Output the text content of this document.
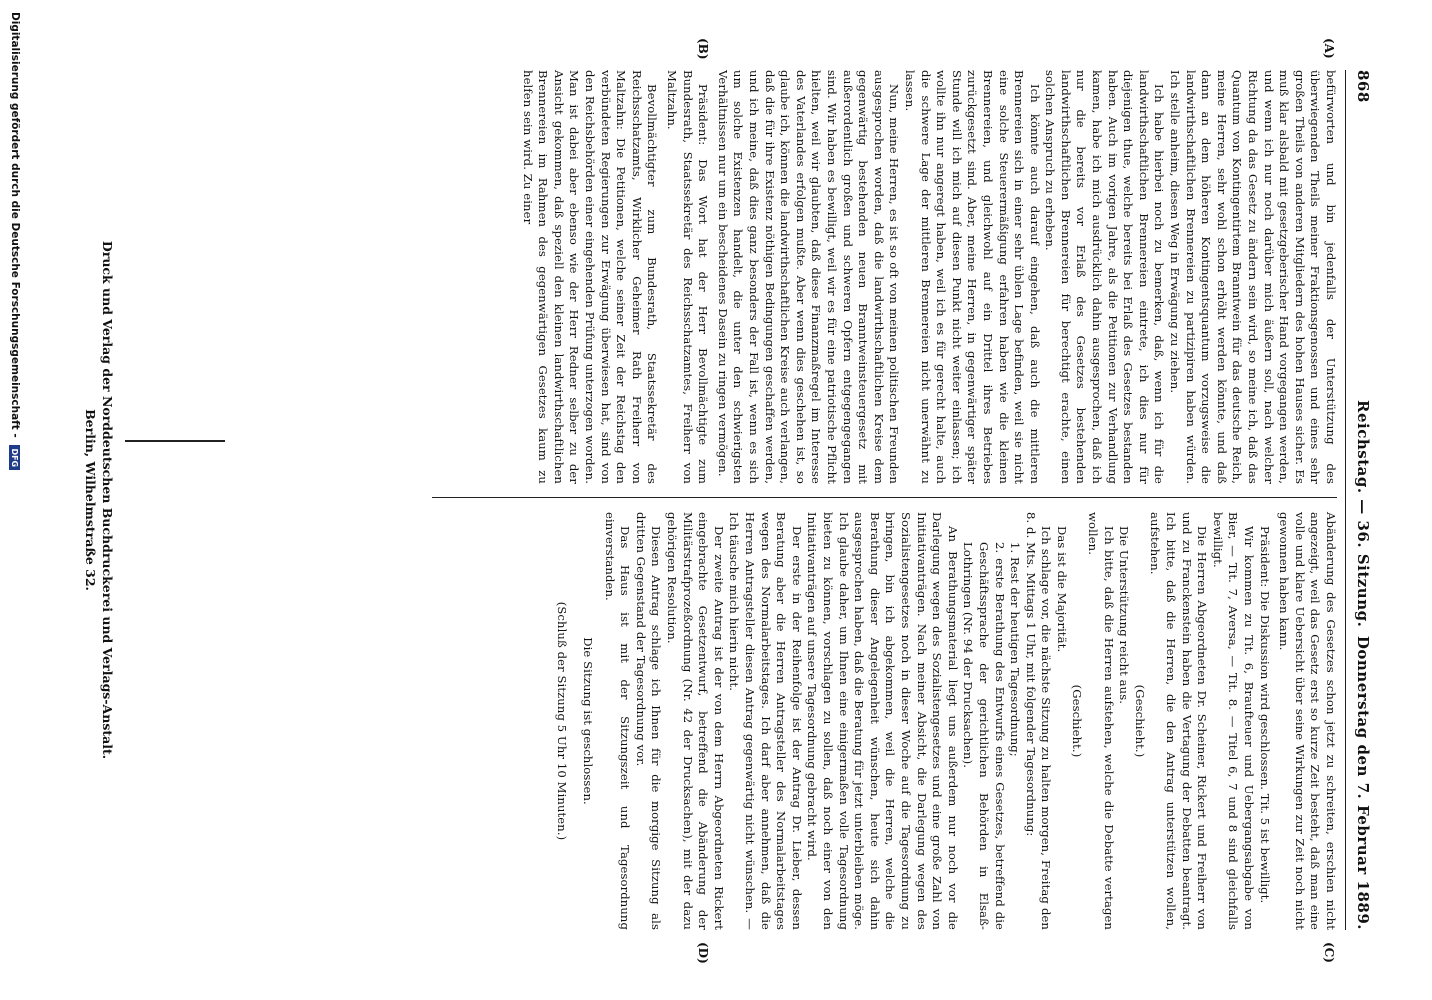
868
Reichstag. — 36. Sitzung.
Donnerstag den 7. Februar 1889.
(A)
(B)
(C)
(D)

befürworten und bin jedenfalls der Unterstützung des überwiegenden Theils meiner Fraktionsgenossen und eines sehr großen Theils von anderen Mitgliedern des hohen Hauses sicher. Es muß klar alsbald mit gesetzgeberischer Hand vorgegangen werden, und wenn ich nur noch darüber mich äußern soll, nach welcher Richtung da das Gesetz zu ändern sein wird, so meine ich, daß das Quantum von Kontingentirtem Branntwein für das deutsche Reich, meine Herren, sehr wohl schon erhöht werden könnte, und daß dann an dem höheren Kontingentsquantum vorzugsweise die landwirthschaftlichen Brennereien zu partizipiren haben würden. Ich stelle anheim, diesen Weg in Erwägung zu ziehen.

Ich habe hierbei noch zu bemerken, daß, wenn ich für die landwirthschaftlichen Brennereien eintrete, ich dies nur für diejenigen thue, welche bereits bei Erlaß des Gesetzes bestanden haben. Auch im vorigen Jahre, als die Petitionen zur Verhandlung kamen, habe ich mich ausdrücklich dahin ausgesprochen, daß ich nur die bereits vor Erlaß des Gesetzes bestehenden landwirthschaftlichen Brennereien für berechtigt erachte, einen solchen Anspruch zu erheben.

Ich könnte auch darauf eingehen, daß auch die mittleren Brennereien sich in einer sehr üblen Lage befinden, weil sie nicht eine solche Steuerermäßigung erfahren haben wie die kleinen Brennereien, und gleichwohl auf ein Drittel ihres Betriebes zurückgesetzt sind. Aber, meine Herren, in gegenwärtiger später Stunde will ich mich auf diesen Punkt nicht weiter einlassen; ich wollte ihn nur angeregt haben, weil ich es für gerecht halte, auch die schwere Lage der mittleren Brennereien nicht unerwähnt zu lassen.

Nun, meine Herren, es ist so oft von meinen politischen Freunden ausgesprochen worden, daß die landwirthschaftlichen Kreise dem gegenwärtig bestehenden neuen Branntweinsteuergesetz mit außerordentlich großen und schweren Opfern entgegengegangen sind. Wir haben es bewilligt, weil wir es für eine patriotische Pflicht hielten, weil wir glaubten, daß diese Finanzmaßregel im Interesse des Vaterlandes erfolgen mußte. Aber wenn dies geschehen ist, so glaube ich, können die landwirthschaftlichen Kreise auch verlangen, daß die für ihre Existenz nöthigen Bedingungen geschaffen werden, und ich meine, daß dies ganz besonders der Fall ist, wenn es sich um solche Existenzen handelt, die unter den schwierigsten Verhältnissen nur um ein bescheidenes Dasein zu ringen vermögen.

Präsident: Das Wort hat der Herr Bevollmächtigte zum Bundesrath, Staatssekretär des Reichsschatzamtes, Freiherr von Maltzahn.

Bevollmächtigter zum Bundesrath, Staatssekretär des Reichsschatzamts, Wirklicher Geheimer Rath Freiherr von Maltzahn: Die Petitionen, welche seiner Zeit der Reichstag den verbündeten Regierungen zur Erwägung überwiesen hat, sind von den Reichsbehörden einer eingehenden Prüfung unterzogen worden. Man ist dabei aber ebenso wie der Herr Redner selber zu der Ansicht gekommen, daß speziell den kleinen landwirthschaftlichen Brennereien im Rahmen des gegenwärtigen Gesetzes kaum zu helfen sein wird. Zu einer

Abänderung des Gesetzes schon jetzt zu schreiten, erschien nicht angezeigt, weil das Gesetz erst so kurze Zeit besteht, daß man eine volle und klare Uebersicht über seine Wirkungen zur Zeit noch nicht gewonnen haben kann.

Präsident: Die Diskussion wird geschlossen. Tit. 5 ist bewilligt.

Wir kommen zu Tit. 6, Braufteuer und Uebergangsabgabe von Bier, — Tit. 7, Aversa, — Tit. 8. — Titel 6, 7 und 8 sind gleichfalls bewilligt.

Die Herren Abgeordneten Dr. Scheiner, Rickert und Freiherr von und zu Franckenstein haben die Vertagung der Debatten beantragt. Ich bitte, daß die Herren, die den Antrag unterstützen wollen, aufstehen.

(Geschieht.)

Die Unterstützung reicht aus.

Ich bitte, daß die Herren aufstehen, welche die Debatte vertagen wollen.

(Geschieht.)

Das ist die Majorität.

Ich schlage vor, die nächste Sitzung zu halten morgen, Freitag den 8. d. Mts. Mittags 1 Uhr, mit folgender Tagesordnung:

1. Rest der heutigen Tagesordnung;

2. erste Berathung des Entwurfs eines Gesetzes, betreffend die Geschäftssprache der gerichtlichen Behörden in Elsaß-Lothringen (Nr. 94 der Drucksachen).

An Berathungsmaterial liegt uns außerdem nur noch vor die Darlegung wegen des Sozialistengesetzes und eine große Zahl von Initiativanträgen. Nach meiner Absicht, die Darlegung wegen des Sozialistengesetzes noch in dieser Woche auf die Tagesordnung zu bringen, bin ich abgekommen, weil die Herren, welche die Berathung dieser Angelegenheit wünschen, heute sich dahin ausgesprochen haben, daß die Beratung für jetzt unterbleiben möge. Ich glaube daher, um Ihnen eine einigermaßen volle Tagesordnung bieten zu können, vorschlagen zu sollen, daß noch einer von den Initiativanträgen auf unsere Tagesordnung gebracht wird.

Der erste in der Reihenfolge ist der Antrag Dr. Lieber, dessen Beratung aber die Herren Antragsteller des Normalarbeitstages wegen des Normalarbeitstages. Ich darf aber annehmen, daß die Herren Antragsteller diesen Antrag gegenwärtig nicht wünschen. — Ich täusche mich hierin nicht.

Der zweite Antrag ist der von dem Herrn Abgeordneten Rickert eingebrachte Gesetzentwurf, betreffend die Abänderung der Militärstrafprozeßordnung (Nr. 42 der Drucksachen), mit der dazu gehörigen Resolution.

Diesen Antrag schlage ich Ihnen für die morgige Sitzung als dritten Gegenstand der Tagesordnung vor.

Das Haus ist mit der Sitzungszeit und Tagesordnung einverstanden.

Die Sitzung ist geschlossen.

(Schluß der Sitzung 5 Uhr 10 Minuten.)

Druck und Verlag der Norddeutschen Buchdruckerei und Verlags-Anstalt.
Berlin, Wilhelmstraße 32.
Digitalisierung gefördert durch die Deutsche Forschungsgemeinschaft - DFG
